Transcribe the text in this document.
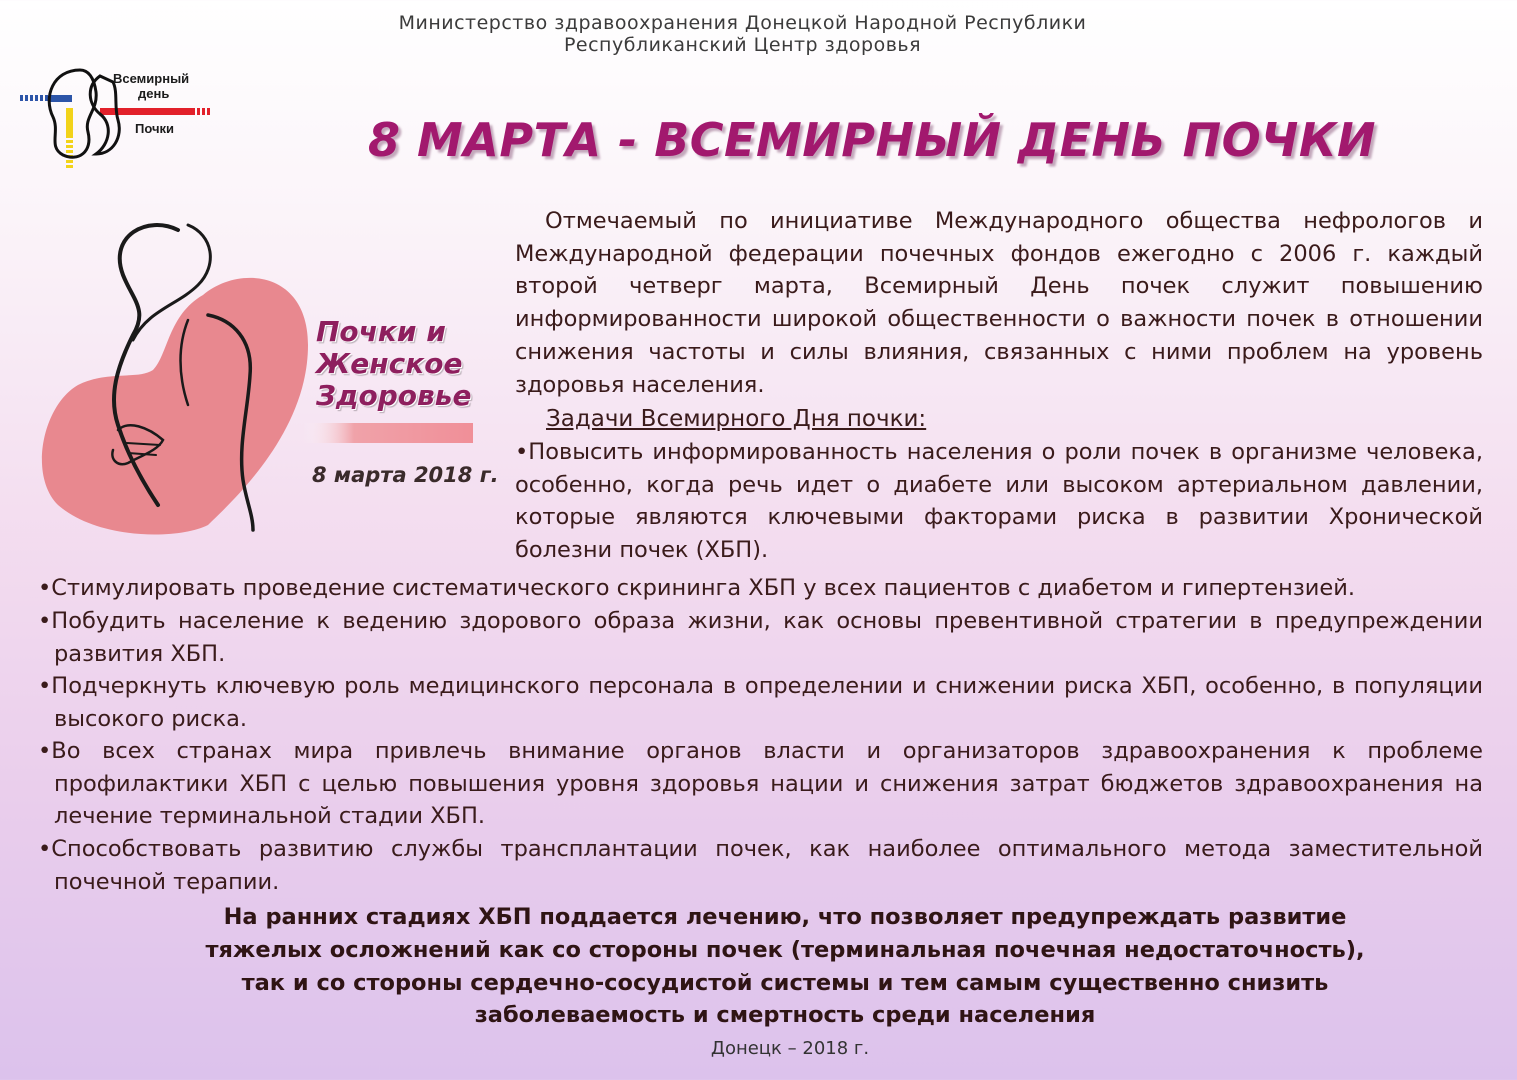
Министерство здравоохранения Донецкой Народной Республики
Республиканский Центр здоровья
Всемирный
день
Почки	8 МАРТА - ВСЕМИРНЫЙ ДЕНЬ ПОЧКИ
Почки и
Женское
Здоровье
8 марта 2018 г.
Отмечаемый по инициативе Международного общества нефрологов и Международной федерации почечных фондов ежегодно с 2006 г. каждый второй четверг марта, Всемирный День почек служит повышению информированности широкой общественности о важности почек в отношении снижения частоты и силы влияния, связанных с ними проблем на уровень здоровья населения.
Задачи Всемирного Дня почки:
•Повысить информированность населения о роли почек в организме человека, особенно, когда речь идет о диабете или высоком артериальном давлении, которые являются ключевыми факторами риска в развитии Хронической болезни почек (ХБП).
•Стимулировать проведение систематического скрининга ХБП у всех пациентов с диабетом и гипертензией.
•Побудить население к ведению здорового образа жизни, как основы превентивной стратегии в предупреждении развития ХБП.
•Подчеркнуть ключевую роль медицинского персонала в определении и снижении риска ХБП, особенно, в популяции высокого риска.
•Во всех странах мира привлечь внимание органов власти и организаторов здравоохранения к проблеме профилактики ХБП с целью повышения уровня здоровья нации и снижения затрат бюджетов здравоохранения на лечение терминальной стадии ХБП.
•Способствовать развитию службы трансплантации почек, как наиболее оптимального метода заместительной почечной терапии.
На ранних стадиях ХБП поддается лечению, что позволяет предупреждать развитие
тяжелых осложнений как со стороны почек (терминальная почечная недостаточность),
так и со стороны сердечно-сосудистой системы и тем самым существенно снизить
заболеваемость и смертность среди населения
Донецк – 2018 г.
